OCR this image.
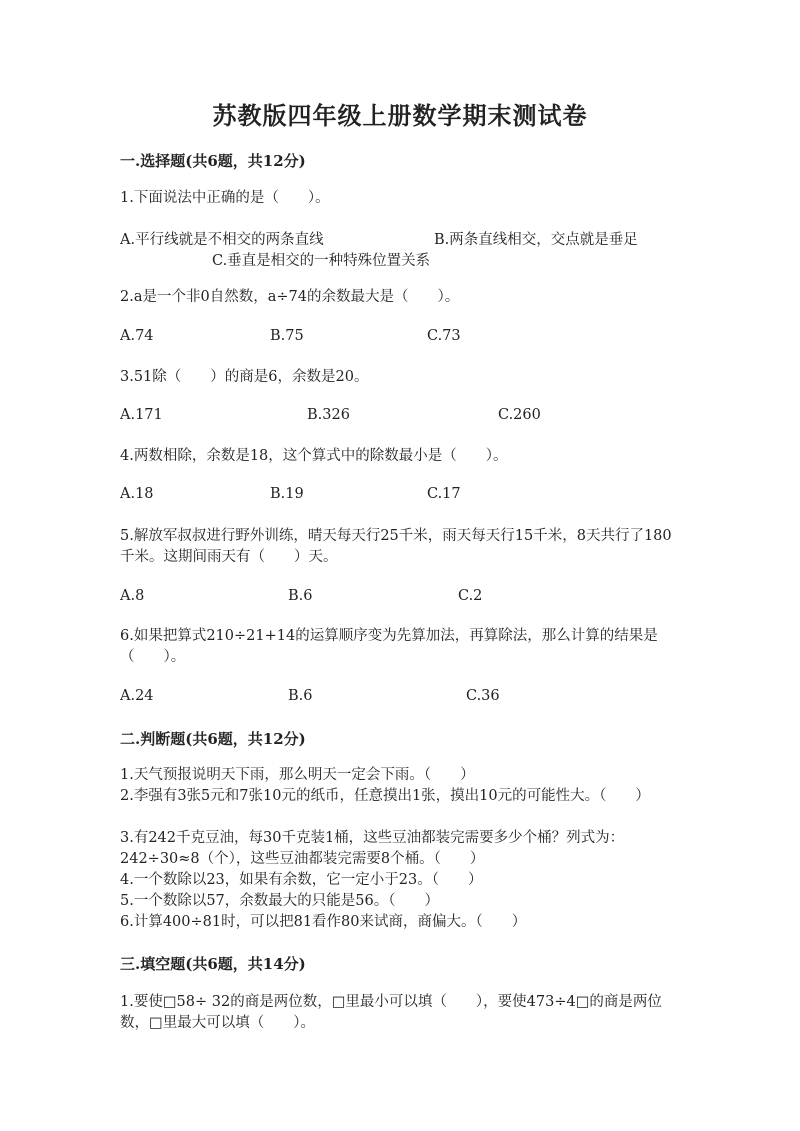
苏教版四年级上册数学期末测试卷
一.选择题(共6题，共12分)
1.下面说法中正确的是（　　）。
A.平行线就是不相交的两条直线	B.两条直线相交，交点就是垂足
C.垂直是相交的一种特殊位置关系
2.a是一个非0自然数，a÷74的余数最大是（　　）。
A.74	B.75	C.73
3.51除（　　）的商是6，余数是20。
A.171	B.326	C.260
4.两数相除，余数是18，这个算式中的除数最小是（　　）。
A.18	B.19	C.17
5.解放军叔叔进行野外训练，晴天每天行25千米，雨天每天行15千米，8天共行了180千米。这期间雨天有（　　）天。
A.8	B.6	C.2
6.如果把算式210÷21+14的运算顺序变为先算加法，再算除法，那么计算的结果是（　　）。
A.24	B.6	C.36
二.判断题(共6题，共12分)
1.天气预报说明天下雨，那么明天一定会下雨。（　　）
2.李强有3张5元和7张10元的纸币，任意摸出1张，摸出10元的可能性大。（　　）
3.有242千克豆油，每30千克装1桶，这些豆油都装完需要多少个桶？列式为：242÷30≈8（个），这些豆油都装完需要8个桶。（　　）
4.一个数除以23，如果有余数，它一定小于23。（　　）
5.一个数除以57，余数最大的只能是56。（　　）
6.计算400÷81时，可以把81看作80来试商，商偏大。（　　）
三.填空题(共6题，共14分)
1.要使□58÷ 32的商是两位数，□里最小可以填（　　），要使473÷4□的商是两位数，□里最大可以填（　　）。
